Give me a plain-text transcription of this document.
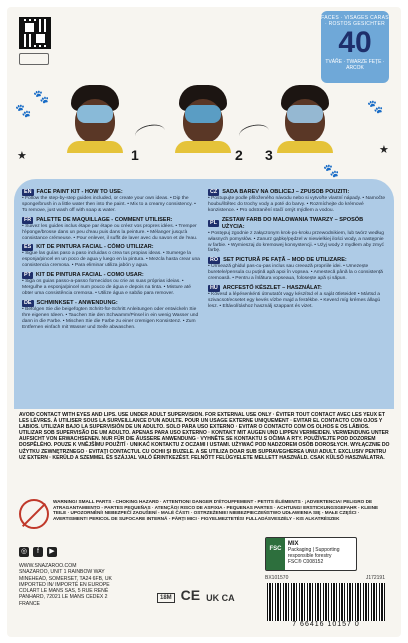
FACES · VISAGES CARAS · ROSTOS GESICHTER
40
TVÁŘE · TWARZE FEȚE · ARCOK
🐾
🐾
★
🐾
★
🐾
1	2 3
EN FACE PAINT KIT - HOW TO USE:
• Follow the step-by-step guides included, or create your own ideas. • Dip the sponge/brush in a little water then into the paint. • Mix to a creamy consistency. • To remove, just wash off with soap & water.
FR PALETTE DE MAQUILLAGE - COMMENT UTILISER:
• Suivez les guides inclus étape par étape ou créez vos propres idées. • Tremper l'éponge/brosse dans un peu d'eau puis dans la peinture. • Mélanger jusqu'à consistance crémeuse. • Pour enlever, il suffit de laver avec du savon et de l'eau.
ES KIT DE PINTURA FACIAL - CÓMO UTILIZAR:
• Sigue las guías paso a paso incluidas o crea tus propias ideas. • Sumerge la esponja/pincel en un poco de agua y luego en la pintura. • Mezcla hasta crear una consistencia cremosa. • Para eliminar utiliza jabón y agua.
PT KIT DE PINTURA FACIAL - COMO USAR:
• Siga os guias passo-a-passo fornecidos ou crie as suas próprias ideias. • Mergulhe a esponja/pincel num pouco de água e depois na tinta. • Misture até obter uma consistência cremosa. • Utilize água e sabão para remover.
DE SCHMINKSET - ANWENDUNG:
• Befolgen Sie die beigefügten Schritt-für-Schritt Anleitungen oder entwickeln Sie Ihre eigenen Ideen. • Tauchen Sie den Schwamm/Pinsel in ein wenig Wasser und dann in die Farbe. • Mischen Sie die Farbe zu einer cremigen Konsistenz. • Zum Entfernen einfach mit Wasser und Seife abwaschen.
CZ SADA BAREV NA OBLIČEJ – ZPŮSOB POUŽITÍ:
• Postupujte podle přiloženého návodu nebo si vytvořte vlastní nápady. • Namočte houbu/štětec do trochy vody a poté do barvy. • Rozmíchejte do krémové konzistence. • Pro odstranění stačí omýt mýdlem a vodou.
PL
ZESTAW FARB DO MALOWANIA TWARZY – SPOSÓB UŻYCIA:
• Postępuj zgodnie z załączonym krok-po-kroku przewodnikiem, lub twórz według własnych pomysłów. • Zanurz gąbkę/pędzel w niewielkiej ilości wody, a następnie w farbie. • Wymieszaj do kremowej konsystencji. • Użyj wody z mydłem aby zmyć farbę.
RO SET PICTURĂ PE FAȚĂ – MOD DE UTILIZARE:
• Urmează ghidul pas-cu-pas inclus sau creează propriile idei. • Umezește buretele/pensula cu puțină apă apoi în vopsea. • Amestecă până la o consistență cremoasă. • Pentru a înlătura vopseaua, folosește apă și săpun.
HU ARCFESTŐ KÉSZLET – HASZNÁLAT:
• Kövesd a lépésenkénti útmutatót vagy készítsd el a saját ötleteidet! • Mártsd a szivacsot/ecsetet egy kevés vízbe majd a festékbe. • Keverd míg krémes állagú lesz. • Eltávolításhoz használj szappant és vizet.
AVOID CONTACT WITH EYES AND LIPS. USE UNDER ADULT SUPERVISION. FOR EXTERNAL USE ONLY · ÉVITER TOUT CONTACT AVEC LES YEUX ET LES LÈVRES. À UTILISER SOUS LA SURVEILLANCE D'UN ADULTE. POUR UN USAGE EXTERNE UNIQUEMENT · EVITAR EL CONTACTO CON OJOS Y LABIOS. UTILIZAR BAJO LA SUPERVISIÓN DE UN ADULTO. SOLO PARA USO EXTERNO · EVITAR O CONTACTO COM OS OLHOS E OS LÁBIOS. UTILIZAR SOB SUPERVISÃO DE UM ADULTO. APENAS PARA USO EXTERNO · KONTAKT MIT AUGEN UND LIPPEN VERMEIDEN. VERWENDUNG UNTER AUFSICHT VON ERWACHSENEN. NUR FÜR DIE ÄUSSERE ANWENDUNG · VYHNĚTE SE KONTAKTU S OČIMA A RTY. POUŽÍVEJTE POD DOZOREM DOSPĚLÉHO. POUZE K VNĚJŠÍMU POUŽITÍ · UNIKAĆ KONTAKTU Z OCZAMI I USTAMI. UŻYWAĆ POD NADZOREM OSÓB DOROSŁYCH. WYŁĄCZNIE DO UŻYTKU ZEWNĘTRZNEGO · EVITAȚI CONTACTUL CU OCHII ȘI BUZELE. A SE UTILIZA DOAR SUB SUPRAVEGHEREA UNUI ADULT. EXCLUSIV PENTRU UZ EXTERN · KERÜLD A SZEMMEL ÉS SZÁJJAL VALÓ ÉRINTKEZÉST. FELNŐTT FELÜGYELETE MELLETT HASZNÁLD. CSAK KÜLSŐ HASZNÁLATRA.
WARNING! SMALL PARTS - CHOKING HAZARD · ATTENTION! DANGER D'ÉTOUFFEMENT - PETITS ÉLÉMENTS · ¡ADVERTENCIA! PELIGRO DE ATRAGANTAMIENTO - PARTES PEQUEÑAS · ATENÇÃO! RISCO DE ASFIXIA - PEQUENAS PARTES · ACHTUNG! ERSTICKUNGSGEFAHR - KLEINE TEILE · UPOZORNĚNÍ! NEBEZPEČÍ ZADUŠENÍ - MALÉ ČÁSTI · OSTRZEŻENIE! NIEBEZPIECZEŃSTWO UDŁAWIENIA SIĘ - MAŁE CZĘŚCI · AVERTISMENT! PERICOL DE SUFOCARE INTERNĂ - PĂRȚI MICI · FIGYELMEZTETÉS! FULLADÁSVESZÉLY - KIS ALKATRÉSZEK
◎	f	▶
WWW.SNAZAROO.COM
SNAZAROO, UNIT 1 RAINBOW WAY
MINEHEAD, SOMERSET, TA24 6FB, UK
IMPORTED IN/ IMPORTÉ EN EUROPE
COLART LE MANS SAS, 5 RUE RENÉ
PANHARD, 72021 LE MANS CEDEX 2
FRANCE
18M CE UK CA
FSC
MIX
Packaging | Supporting responsible forestry
FSC® C008152
BX101570	J172191
7 66416 10157 0
